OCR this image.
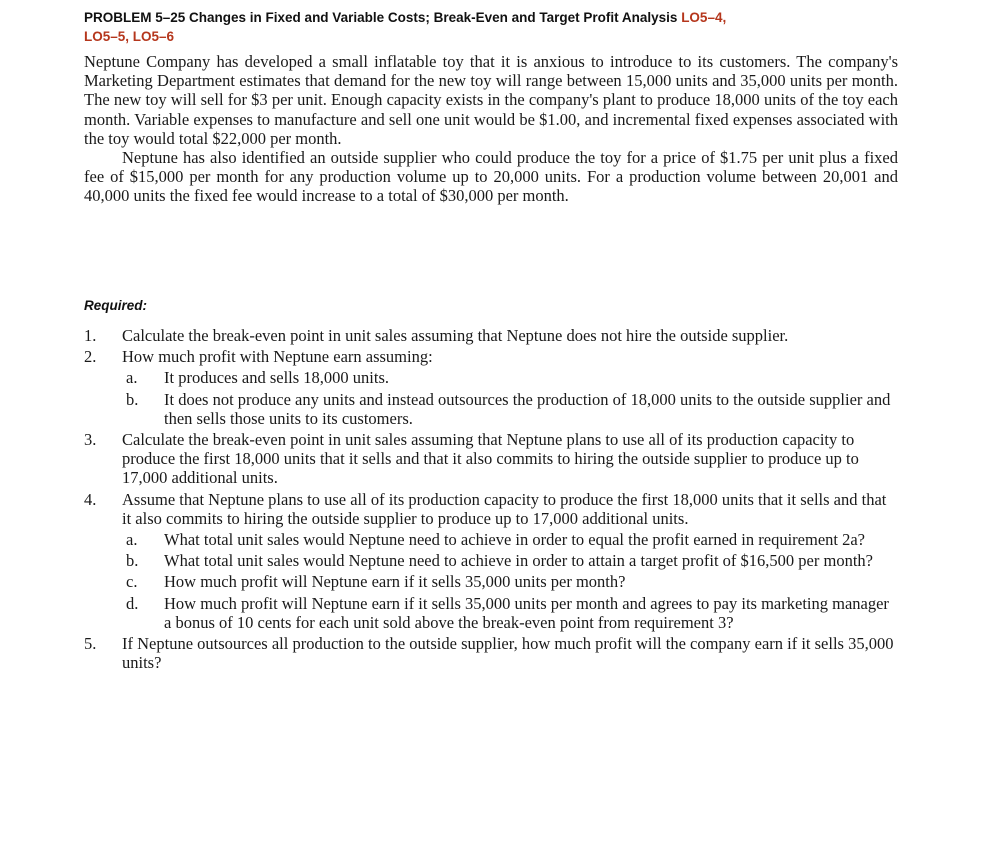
PROBLEM 5–25 Changes in Fixed and Variable Costs; Break-Even and Target Profit Analysis LO5–4,
LO5–5, LO5–6

Neptune Company has developed a small inflatable toy that it is anxious to introduce to its customers. The company's Marketing Department estimates that demand for the new toy will range between 15,000 units and 35,000 units per month. The new toy will sell for $3 per unit. Enough capacity exists in the company's plant to produce 18,000 units of the toy each month. Variable expenses to manufacture and sell one unit would be $1.00, and incremental fixed expenses associated with the toy would total $22,000 per month.

Neptune has also identified an outside supplier who could produce the toy for a price of $1.75 per unit plus a fixed fee of $15,000 per month for any production volume up to 20,000 units. For a production volume between 20,001 and 40,000 units the fixed fee would increase to a total of $30,000 per month.

Required:
1. Calculate the break-even point in unit sales assuming that Neptune does not hire the outside supplier.
2. How much profit with Neptune earn assuming:
a. It produces and sells 18,000 units.
b. It does not produce any units and instead outsources the production of 18,000 units to the outside supplier and then sells those units to its customers.
3. Calculate the break-even point in unit sales assuming that Neptune plans to use all of its production capacity to produce the first 18,000 units that it sells and that it also commits to hiring the outside supplier to produce up to 17,000 additional units.
4. Assume that Neptune plans to use all of its production capacity to produce the first 18,000 units that it sells and that it also commits to hiring the outside supplier to produce up to 17,000 additional units.
a. What total unit sales would Neptune need to achieve in order to equal the profit earned in requirement 2a?
b. What total unit sales would Neptune need to achieve in order to attain a target profit of $16,500 per month?
c. How much profit will Neptune earn if it sells 35,000 units per month?
d. How much profit will Neptune earn if it sells 35,000 units per month and agrees to pay its marketing manager a bonus of 10 cents for each unit sold above the break-even point from requirement 3?
5. If Neptune outsources all production to the outside supplier, how much profit will the company earn if it sells 35,000 units?
